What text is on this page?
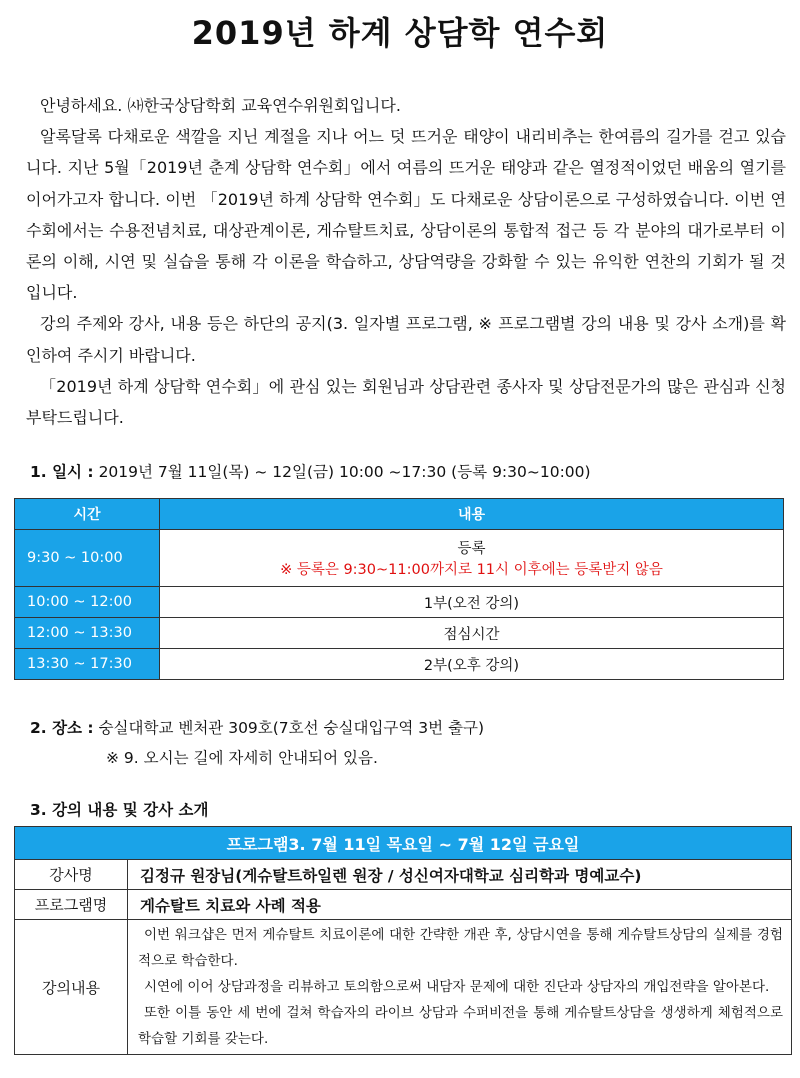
2019년 하계 상담학 연수회

안녕하세요. ㈔한국상담학회 교육연수위원회입니다.

알록달록 다채로운 색깔을 지닌 계절을 지나 어느 덧 뜨거운 태양이 내리비추는 한여름의 길가를 걷고 있습니다. 지난 5월「2019년 춘계 상담학 연수회」에서 여름의 뜨거운 태양과 같은 열정적이었던 배움의 열기를 이어가고자 합니다. 이번 「2019년 하계 상담학 연수회」도 다채로운 상담이론으로 구성하였습니다. 이번 연수회에서는 수용전념치료, 대상관계이론, 게슈탈트치료, 상담이론의 통합적 접근 등 각 분야의 대가로부터 이론의 이해, 시연 및 실습을 통해 각 이론을 학습하고, 상담역량을 강화할 수 있는 유익한 연찬의 기회가 될 것입니다.

강의 주제와 강사, 내용 등은 하단의 공지(3. 일자별 프로그램, ※ 프로그램별 강의 내용 및 강사 소개)를 확인하여 주시기 바랍니다.

「2019년 하계 상담학 연수회」에 관심 있는 회원님과 상담관련 종사자 및 상담전문가의 많은 관심과 신청 부탁드립니다.

1. 일시 : 2019년 7월 11일(목) ~ 12일(금) 10:00 ~17:30 (등록 9:30~10:00)
시간	내용
9:30 ~ 10:00	등록
※ 등록은 9:30~11:00까지로 11시 이후에는 등록받지 않음

10:00 ~ 12:00	1부(오전 강의)
12:00 ~ 13:30	점심시간
13:30 ~ 17:30	2부(오후 강의)
2. 장소 : 숭실대학교 벤처관 309호(7호선 숭실대입구역 3번 출구)
※ 9. 오시는 길에 자세히 안내되어 있음.
3. 강의 내용 및 강사 소개
프로그램3. 7월 11일 목요일 ~ 7월 12일 금요일	
강사명	김정규 원장님(게슈탈트하일렌 원장 / 성신여자대학교 심리학과 명예교수)
프로그램명	게슈탈트 치료와 사례 적용
강의내용	이번 워크샵은 먼저 게슈탈트 치료이론에 대한 간략한 개관 후, 상담시연을 통해 게슈탈트상담의 실제를 경험적으로 학습한다.

시연에 이어 상담과정을 리뷰하고 토의함으로써 내담자 문제에 대한 진단과 상담자의 개입전략을 알아본다.

또한 이틀 동안 세 번에 걸쳐 학습자의 라이브 상담과 수퍼비전을 통해 게슈탈트상담을 생생하게 체험적으로 학습할 기회를 갖는다.
